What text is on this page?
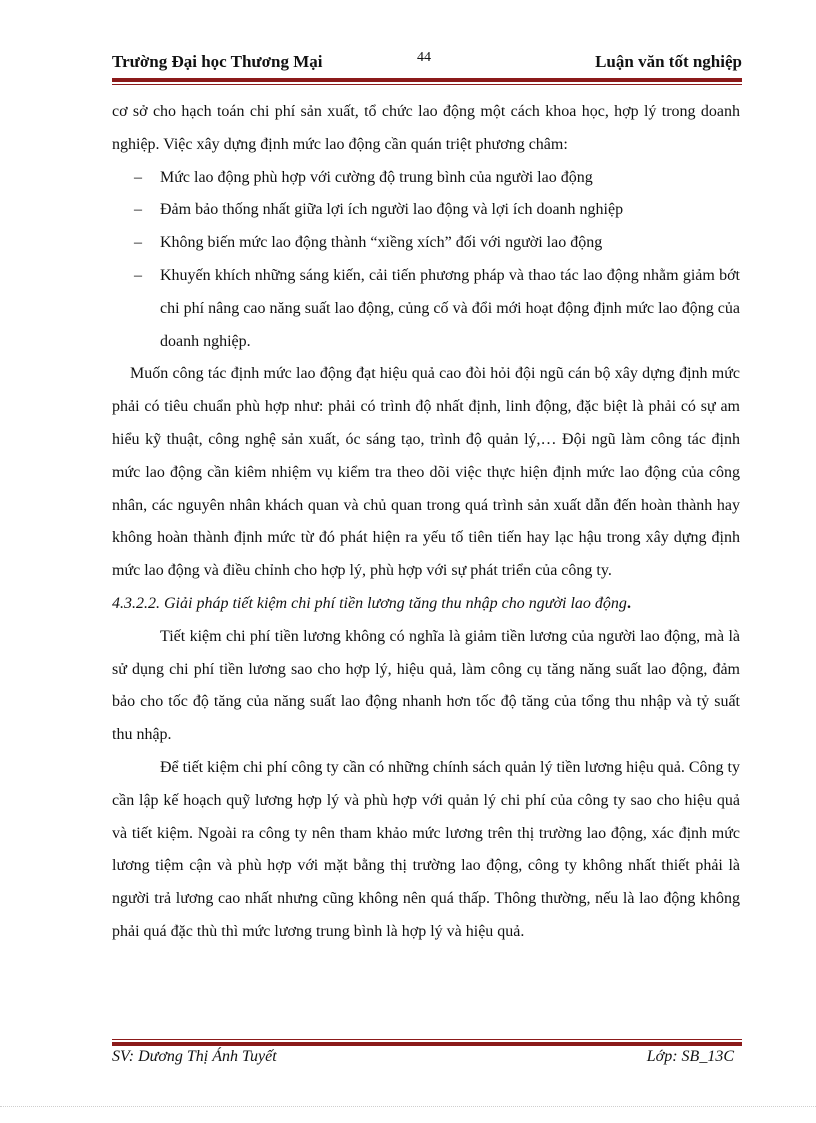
Trường Đại học Thương Mại	44	Luận văn tốt nghiệp

cơ sở cho hạch toán chi phí sản xuất, tổ chức lao động một cách khoa học, hợp lý trong doanh nghiệp. Việc xây dựng định mức lao động cần quán triệt phương châm:

– Mức lao động phù hợp với cường độ trung bình của người lao động
– Đảm bảo thống nhất giữa lợi ích người lao động và lợi ích doanh nghiệp
– Không biến mức lao động thành “xiềng xích” đối với người lao động
– Khuyến khích những sáng kiến, cải tiến phương pháp và thao tác lao động nhằm giảm bớt chi phí nâng cao năng suất lao động, củng cố và đổi mới hoạt động định mức lao động của doanh nghiệp.

Muốn công tác định mức lao động đạt hiệu quả cao đòi hỏi đội ngũ cán bộ xây dựng định mức phải có tiêu chuẩn phù hợp như: phải có trình độ nhất định, linh động, đặc biệt là phải có sự am hiểu kỹ thuật, công nghệ sản xuất, óc sáng tạo, trình độ quản lý,… Đội ngũ làm công tác định mức lao động cần kiêm nhiệm vụ kiểm tra theo dõi việc thực hiện định mức lao động của công nhân, các nguyên nhân khách quan và chủ quan trong quá trình sản xuất dẫn đến hoàn thành hay không hoàn thành định mức từ đó phát hiện ra yếu tố tiên tiến hay lạc hậu trong xây dựng định mức lao động và điều chỉnh cho hợp lý, phù hợp với sự phát triển của công ty.

4.3.2.2. Giải pháp tiết kiệm chi phí tiền lương tăng thu nhập cho người lao động.

Tiết kiệm chi phí tiền lương không có nghĩa là giảm tiền lương của người lao động, mà là sử dụng chi phí tiền lương sao cho hợp lý, hiệu quả, làm công cụ tăng năng suất lao động, đảm bảo cho tốc độ tăng của năng suất lao động nhanh hơn tốc độ tăng của tổng thu nhập và tỷ suất thu nhập.

Để tiết kiệm chi phí công ty cần có những chính sách quản lý tiền lương hiệu quả. Công ty cần lập kế hoạch quỹ lương hợp lý và phù hợp với quản lý chi phí của công ty sao cho hiệu quả và tiết kiệm. Ngoài ra công ty nên tham khảo mức lương trên thị trường lao động, xác định mức lương tiệm cận và phù hợp với mặt bằng thị trường lao động, công ty không nhất thiết phải là người trả lương cao nhất nhưng cũng không nên quá thấp. Thông thường, nếu là lao động không phải quá đặc thù thì mức lương trung bình là hợp lý và hiệu quả.

SV: Dương Thị Ánh Tuyết	Lớp: SB_13C
